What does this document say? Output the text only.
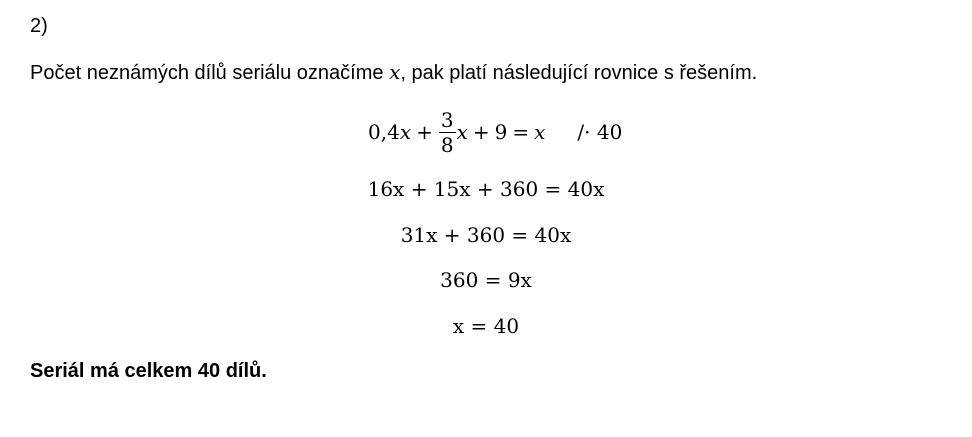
2)
Počet neznámých dílů seriálu označíme x, pak platí následující rovnice s řešením.
0,4 $x + \frac{3}{8}$ x + 9 = x /· 40
16x + 15x + 360 = 40x
31x + 360 = 40x
360 = 9x
x = 40
Seriál má celkem 40 dílů.
